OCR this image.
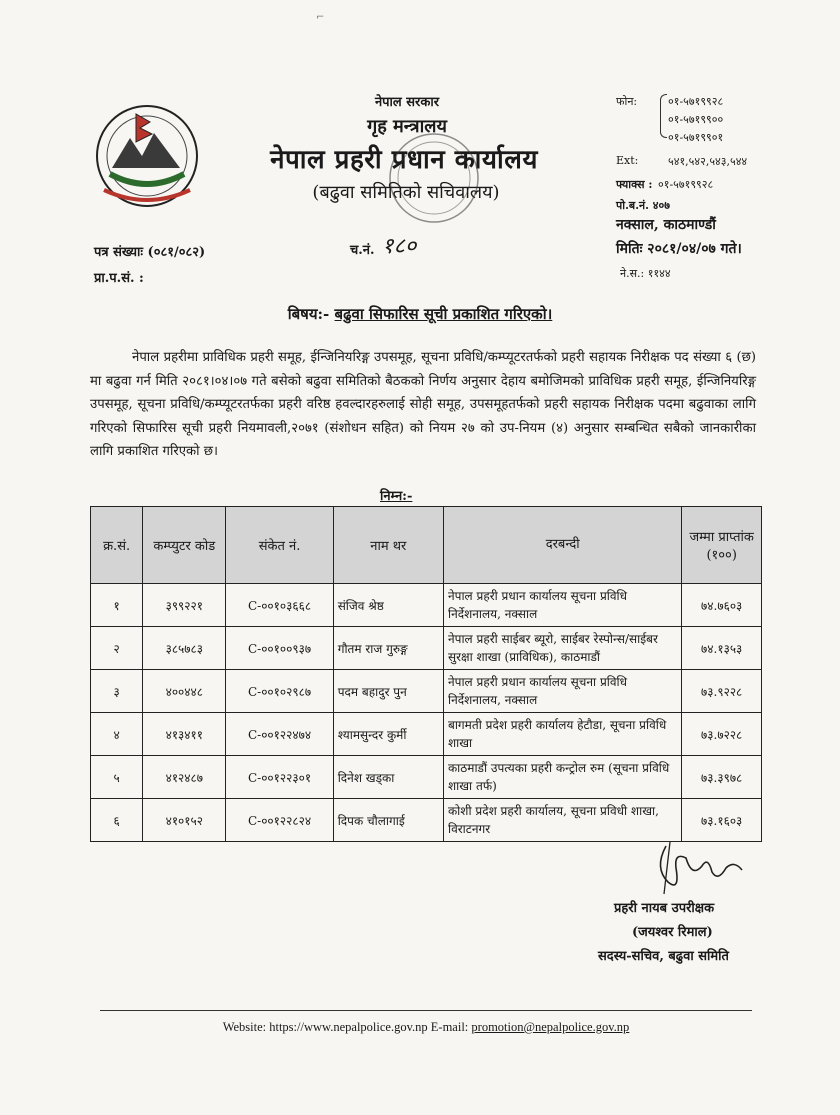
⌐
नेपाल सरकार
गृह मन्त्रालय
नेपाल प्रहरी प्रधान कार्यालय
(बढुवा समितिको सचिवालय)
फोन:	०१-५७१९९२८
०१-५७१९९००
०१-५७१९९०१
Ext:	५४१,५४२,५४३,५४४
फ्याक्स : ०१-५७१९९२८
पो.ब.नं. ४०७
नक्साल, काठमाण्डौं
मितिः २०८१/०४/०७ गते।
ने.स.: ११४४
पत्र संख्याः (०८१/०८२)
प्रा.प.सं. :
च.नं. १८०
बिषय:- बढुवा सिफारिस सूची प्रकाशित गरिएको।
नेपाल प्रहरीमा प्राविधिक प्रहरी समूह, ईन्जिनियरिङ्ग उपसमूह, सूचना प्रविधि/कम्प्यूटरतर्फको प्रहरी सहायक निरीक्षक पद संख्या ६ (छ) मा बढुवा गर्न मिति २०८१।०४।०७ गते बसेको बढुवा समितिको बैठकको निर्णय अनुसार देहाय बमोजिमको प्राविधिक प्रहरी समूह, ईन्जिनियरिङ्ग उपसमूह, सूचना प्रविधि/कम्प्यूटरतर्फका प्रहरी वरिष्ठ हवल्दारहरुलाई सोही समूह, उपसमूहतर्फको प्रहरी सहायक निरीक्षक पदमा बढुवाका लागि गरिएको सिफारिस सूची प्रहरी नियमावली,२०७१ (संशोधन सहित) को नियम २७ को उप-नियम (४) अनुसार सम्बन्धित सबैको जानकारीका लागि प्रकाशित गरिएको छ।
निम्न:-
क्र.सं.	कम्प्युटर कोड	संकेत नं.	नाम थर	दरबन्दी	जम्मा प्राप्तांक (१००)
१	३९९२२१	C-००१०३६६८	संजिव श्रेष्ठ	नेपाल प्रहरी प्रधान कार्यालय सूचना प्रविधि निर्देशनालय, नक्साल	७४.७६०३
२	३८५७८३	C-००१००९३७	गौतम राज गुरुङ्ग	नेपाल प्रहरी साईबर ब्यूरो, साईबर रेस्पोन्स/साईबर सुरक्षा शाखा (प्राविधिक), काठमाडौं	७४.१३५३
३	४००४४८	C-००१०२९८७	पदम बहादुर पुन	नेपाल प्रहरी प्रधान कार्यालय सूचना प्रविधि निर्देशनालय, नक्साल	७३.९२२८
४	४१३४११	C-००१२२४७४	श्यामसुन्दर कुर्मी	बागमती प्रदेश प्रहरी कार्यालय हेटौडा, सूचना प्रविधि शाखा	७३.७२२८
५	४१२४८७	C-००१२२३०१	दिनेश खड्का	काठमाडौं उपत्यका प्रहरी कन्ट्रोल रुम (सूचना प्रविधि शाखा तर्फ)	७३.३९७८
६	४१०१५२	C-००१२२८२४	दिपक चौलागाई	कोशी प्रदेश प्रहरी कार्यालय, सूचना प्रविधी शाखा, विराटनगर	७३.१६०३
प्रहरी नायब उपरीक्षक
(जयश्वर रिमाल)
सदस्य-सचिव, बढुवा समिति
Website: https://www.nepalpolice.gov.np E-mail: promotion@nepalpolice.gov.np
